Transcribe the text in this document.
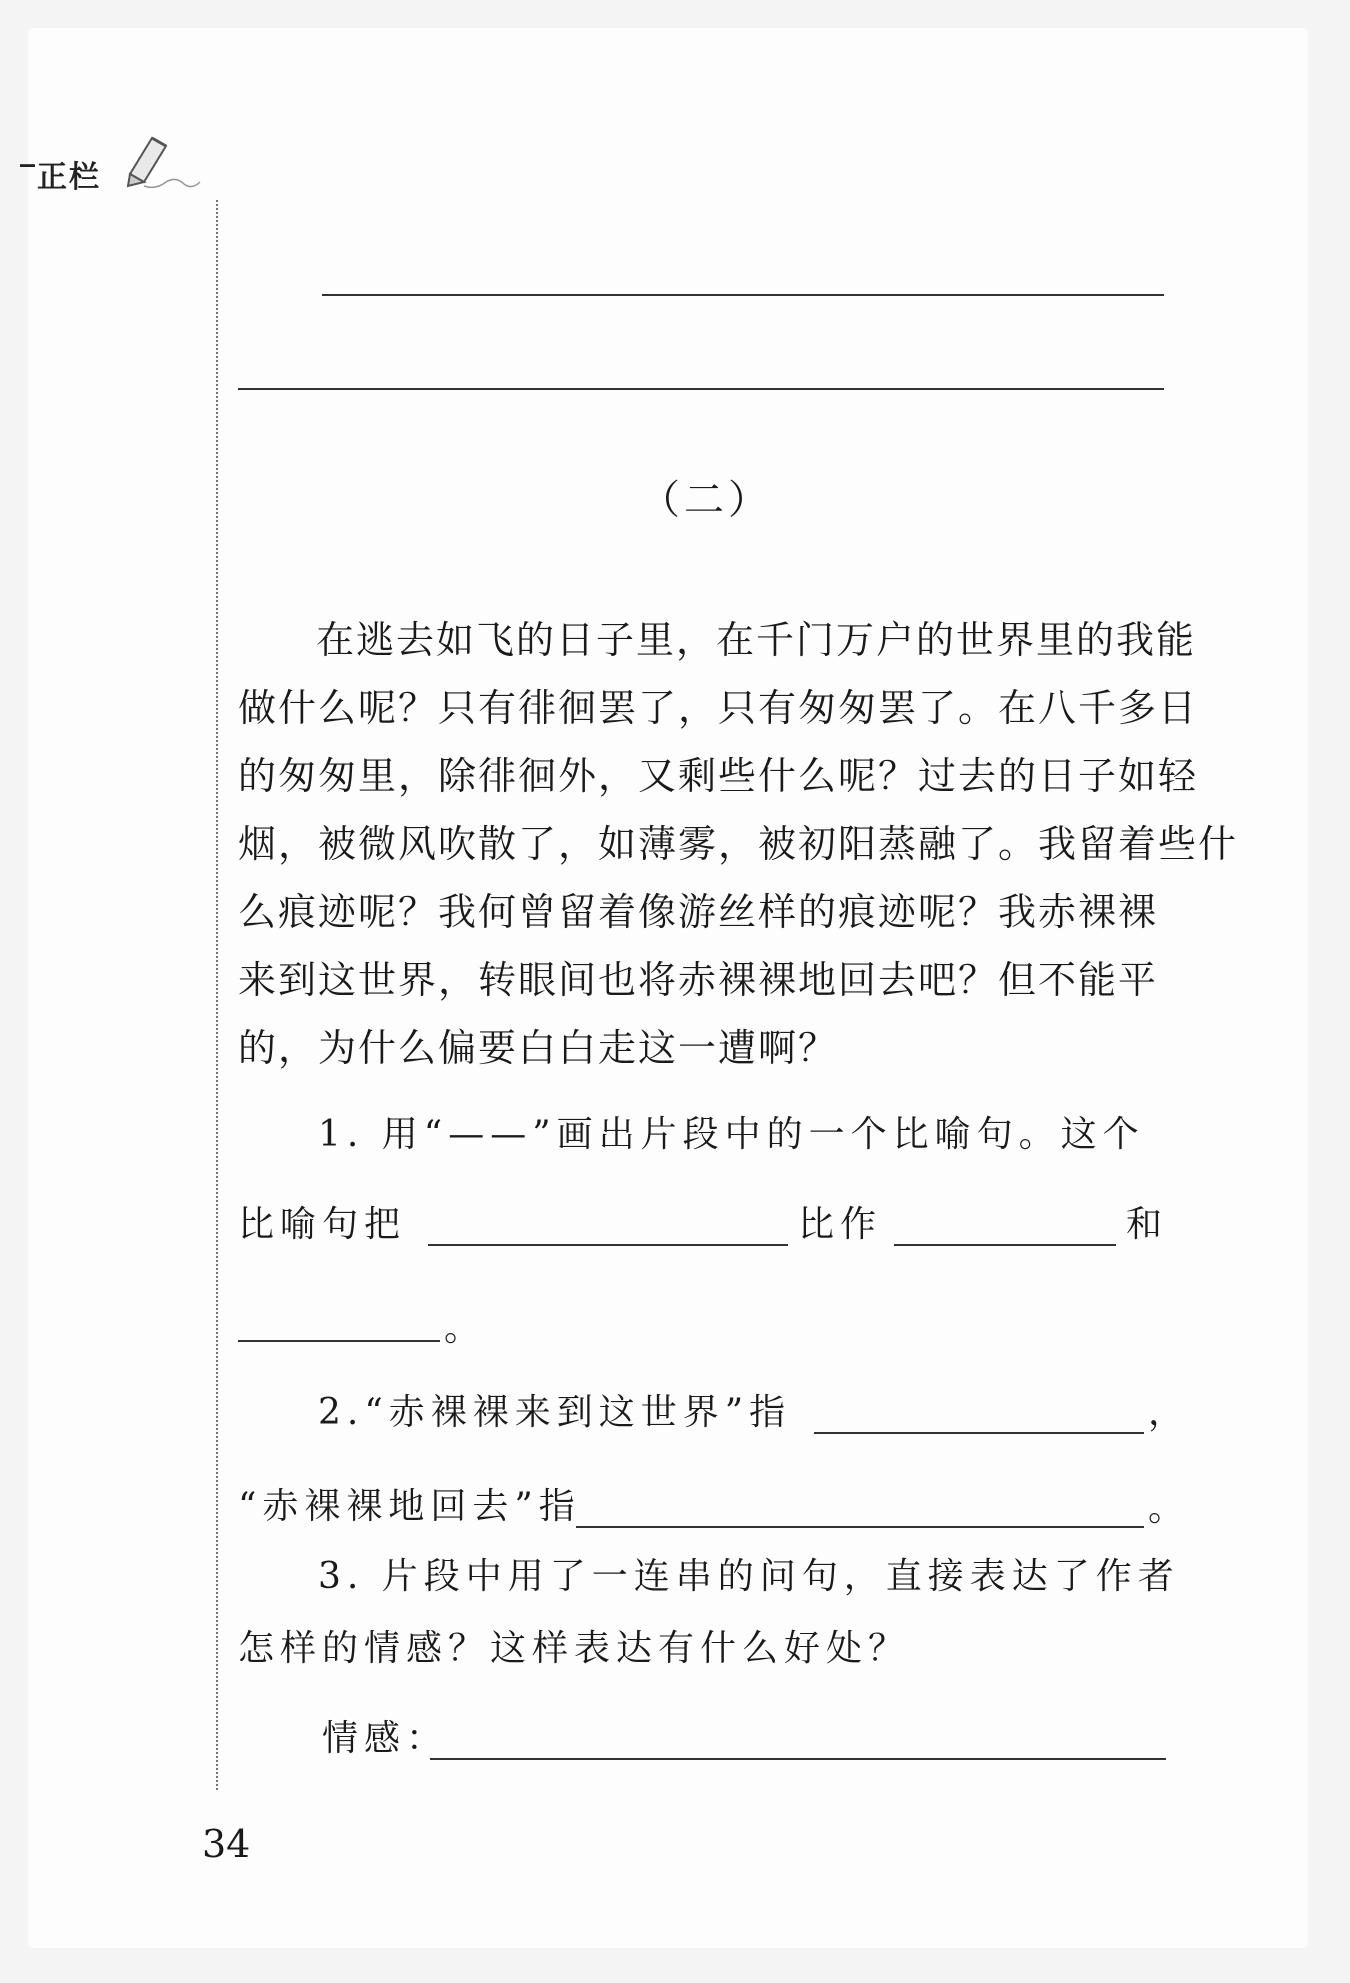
‾正栏
（二）
在逃去如飞的日子里，在千门万户的世界里的我能
做什么呢？只有徘徊罢了，只有匆匆罢了。在八千多日
的匆匆里，除徘徊外，又剩些什么呢？过去的日子如轻
烟，被微风吹散了，如薄雾，被初阳蒸融了。我留着些什
么痕迹呢？我何曾留着像游丝样的痕迹呢？我赤裸裸
来到这世界，转眼间也将赤裸裸地回去吧？但不能平
的，为什么偏要白白走这一遭啊？
1. 用“——”画出片段中的一个比喻句。这个
比喻句把	比作	和
。
2.“赤裸裸来到这世界”指	，
“赤裸裸地回去”指	。
3. 片段中用了一连串的问句，直接表达了作者
怎样的情感？这样表达有什么好处？
情感：
34
